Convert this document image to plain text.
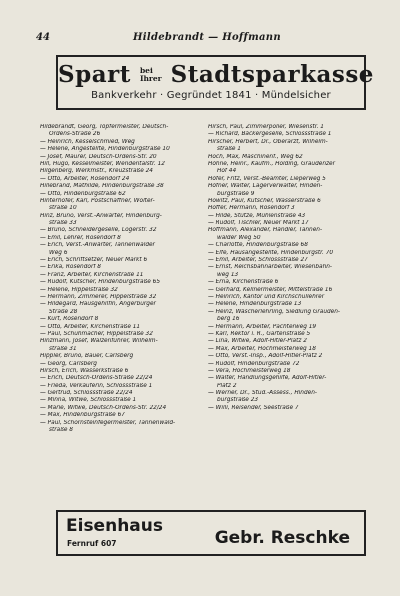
44	Hildebrandt — Hoffmann
Spart bei
Ihrer Stadtsparkasse
Bankverkehr · Gegründet 1841 · Mündelsicher
Hildebrandt, Georg, Töpfermeister, Deutsch-
Ordens-Straße 26
— Heinrich, Kesselschmied, Weg
— Helene, Angestellte, Hindenburgstraße 10
— Josef, Maurer, Deutsch-Ordens-Str. 20
Hill, Hugo, Kesselmeister, Wendentalstr. 12
Hilgenberg, Werkmstr., Kreuzstraße 24
— Otto, Arbeiter, Rosendorf 24
Hillebrand, Mathilde, Hindenburgstraße 38
— Otto, Hindenburgstraße 62
Hinterhofer, Karl, Postschaffner, Wolter-
straße 10
Hinz, Bruno, Verst.-Anwärter, Hindenburg-
straße 33
— Bruno, Schneidergeselle, Logerstr. 32
— Emil, Lehrer, Rosendorf 8
— Erich, Verst.-Anwärter, Tannenwalder
Weg 6
— Erich, Schriftsetzer, Neuer Markt 6
— Erika, Rosendorf 8
— Franz, Arbeiter, Kirchenstraße 11
— Rudolf, Kutscher, Hindenburgstraße 65
— Helene, Hippelstraße 32
— Hermann, Zimmerer, Hippelstraße 32
— Hildegard, Hausgehilfin, Angerburger
Straße 28
— Kurt, Rosendorf 8
— Otto, Arbeiter, Kirchenstraße 11
— Paul, Schuhmacher, Hippelstraße 32
Hinzmann, Josef, Walzenführer, Wilhelm-
straße 31
Hippler, Bruno, Bauer, Carlsberg
— Georg, Carlsberg
Hirsch, Erich, Wasserkstraße 6
— Erich, Deutsch-Ordens-Straße 22/24
— Frieda, Verkäuferin, Schlossstraße 1
— Gertrud, Schlossstraße 22/24
— Minna, Witwe, Schlossstraße 1
— Marie, Witwe, Deutsch-Ordens-Str. 22/24
— Max, Hindenburgstraße 67
— Paul, Schornsteinfegermeister, Tannenwald-
straße 8
Hirsch, Paul, Zimmerpolier, Wiesenstr. 1
— Richard, Bäckergeselle, Schlossstraße 1
Hirscher, Herbert, Dr., Oberarzt, Wilhelm-
straße 1
Hoch, Max, Maschinenf., Weg 62
Höhne, Heinr., Kaufm., Holding, Graudenzer
Hof 44
Höfer, Fritz, Verst.-Beamter, Lieperweg 5
Höfner, Walter, Lagerverwalter, Hinden-
burgstraße 9
Howitz, Paul, Kutscher, Wasserstraße 6
Hoffer, Hermann, Rosendorf 3
— Hilde, Stütze, Mühlenstraße 43
— Rudolf, Tischler, Neuer Markt 17
Hoffmann, Alexander, Händler, Tannen-
walder Weg 50
— Charlotte, Hindenburgstraße 68
— Elfe, Hausangestellte, Hindenburgstr. 70
— Emil, Arbeiter, Schlossstraße 27
— Ernst, Reichsbahnarbeiter, Wiesenbahn-
weg 13
— Erna, Kirchenstraße 6
— Gerhard, Kellnermeister, Mittelstraße 16
— Heinrich, Kantor und Kirchschullehrer
— Helene, Hindenburgstraße 13
— Heinz, Wäscherlehrling, Siedlung Grauden-
berg 16
— Hermann, Arbeiter, Pachterweg 19
— Karl, Rektor i. R., Gartenstraße 5
— Lina, Witwe, Adolf-Hitler-Platz 2
— Max, Arbeiter, Hochmeisterweg 18
— Otto, Verst.-Insp., Adolf-Hitler-Platz 2
— Rudolf, Hindenburgstraße 72
— Vera, Hochmeisterweg 18
— Walter, Handlungsgehilfe, Adolf-Hitler-
Platz 2
— Werner, Dr., Stud.-Assess., Hinden-
burgstraße 23
— Willi, Reisender, Seestraße 7
Eisenhaus
Fernruf 607	Gebr. Reschke
